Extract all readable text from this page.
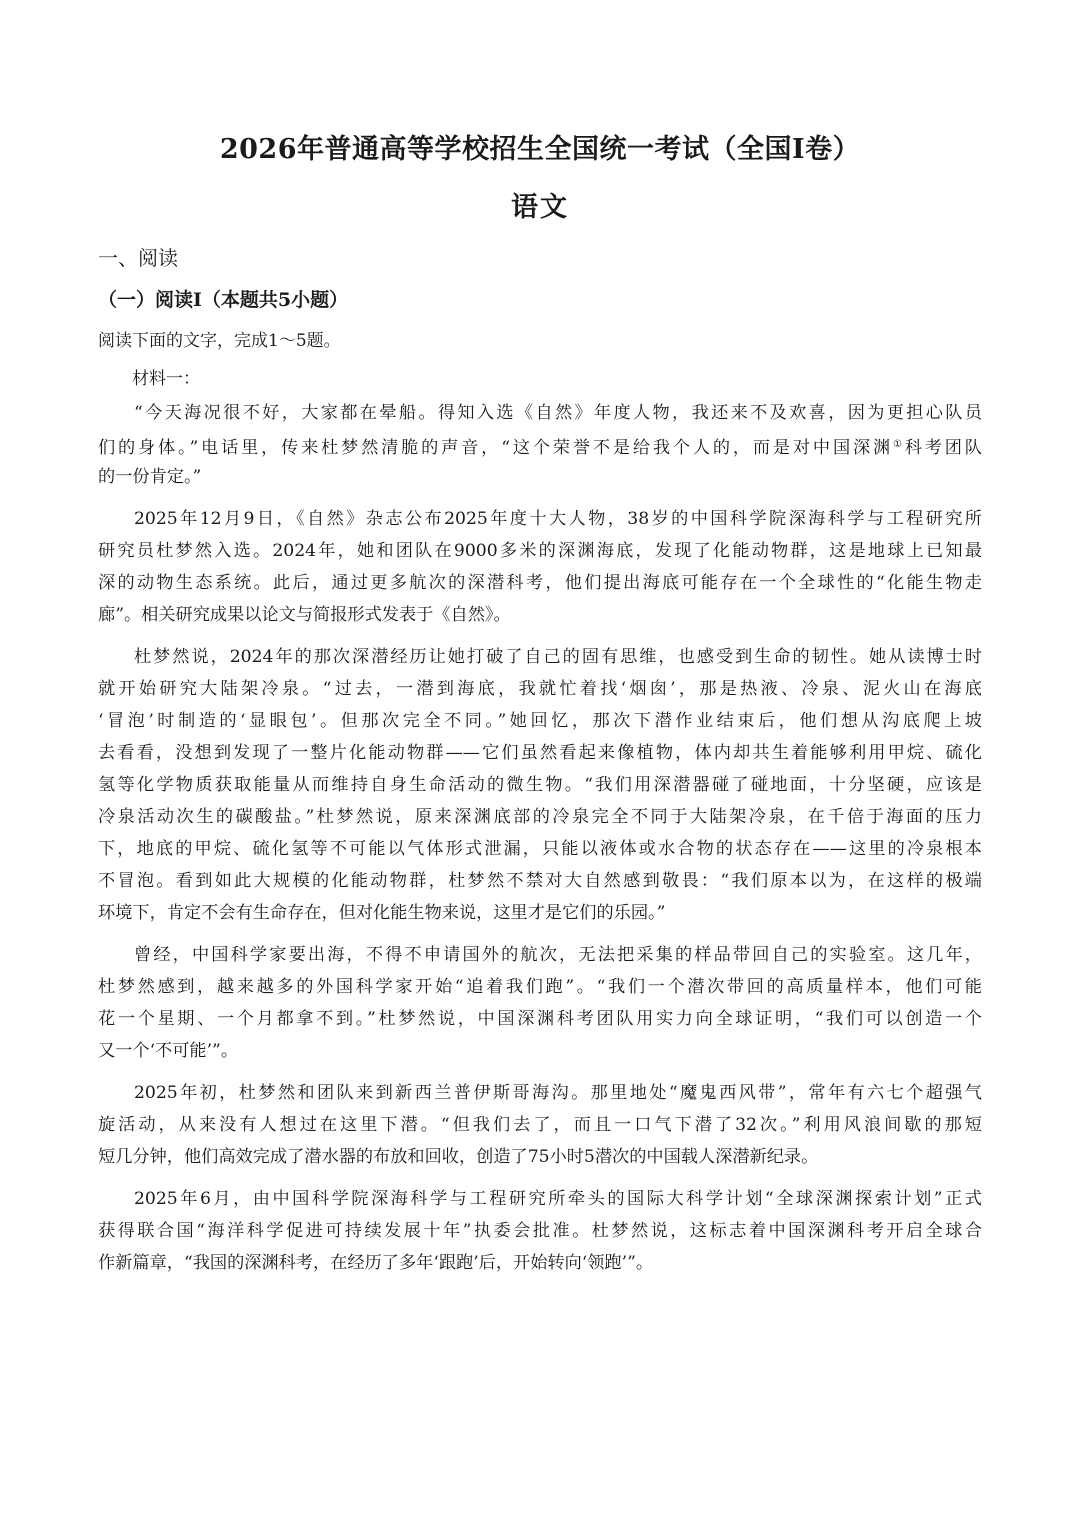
2026年普通高等学校招生全国统一考试（全国I卷）
语文
一、阅读
（一）阅读I（本题共5小题）
阅读下面的文字，完成1～5题。
材料一：
“今天海况很不好，大家都在晕船。得知入选《自然》年度人物，我还来不及欢喜，因为更担心队员
们的身体。”电话里，传来杜梦然清脆的声音，“这个荣誉不是给我个人的，而是对中国深渊①科考团队
的一份肯定。”
2025年12月9日，《自然》杂志公布2025年度十大人物，38岁的中国科学院深海科学与工程研究所
研究员杜梦然入选。2024年，她和团队在9000多米的深渊海底，发现了化能动物群，这是地球上已知最
深的动物生态系统。此后，通过更多航次的深潜科考，他们提出海底可能存在一个全球性的“化能生物走
廊”。相关研究成果以论文与简报形式发表于《自然》。
杜梦然说，2024年的那次深潜经历让她打破了自己的固有思维，也感受到生命的韧性。她从读博士时
就开始研究大陆架冷泉。“过去，一潜到海底，我就忙着找‘烟囱’，那是热液、冷泉、泥火山在海底
‘冒泡’时制造的‘显眼包’。但那次完全不同。”她回忆，那次下潜作业结束后，他们想从沟底爬上坡
去看看，没想到发现了一整片化能动物群——它们虽然看起来像植物，体内却共生着能够利用甲烷、硫化
氢等化学物质获取能量从而维持自身生命活动的微生物。“我们用深潜器碰了碰地面，十分坚硬，应该是
冷泉活动次生的碳酸盐。”杜梦然说，原来深渊底部的冷泉完全不同于大陆架冷泉，在千倍于海面的压力
下，地底的甲烷、硫化氢等不可能以气体形式泄漏，只能以液体或水合物的状态存在——这里的冷泉根本
不冒泡。看到如此大规模的化能动物群，杜梦然不禁对大自然感到敬畏：“我们原本以为，在这样的极端
环境下，肯定不会有生命存在，但对化能生物来说，这里才是它们的乐园。”
曾经，中国科学家要出海，不得不申请国外的航次，无法把采集的样品带回自己的实验室。这几年，
杜梦然感到，越来越多的外国科学家开始“追着我们跑”。“我们一个潜次带回的高质量样本，他们可能
花一个星期、一个月都拿不到。”杜梦然说，中国深渊科考团队用实力向全球证明，“我们可以创造一个
又一个‘不可能’”。
2025年初，杜梦然和团队来到新西兰普伊斯哥海沟。那里地处“魔鬼西风带”，常年有六七个超强气
旋活动，从来没有人想过在这里下潜。“但我们去了，而且一口气下潜了32次。”利用风浪间歇的那短
短几分钟，他们高效完成了潜水器的布放和回收，创造了75小时5潜次的中国载人深潜新纪录。
2025年6月，由中国科学院深海科学与工程研究所牵头的国际大科学计划“全球深渊探索计划”正式
获得联合国“海洋科学促进可持续发展十年”执委会批准。杜梦然说，这标志着中国深渊科考开启全球合
作新篇章，“我国的深渊科考，在经历了多年‘跟跑’后，开始转向‘领跑’”。
